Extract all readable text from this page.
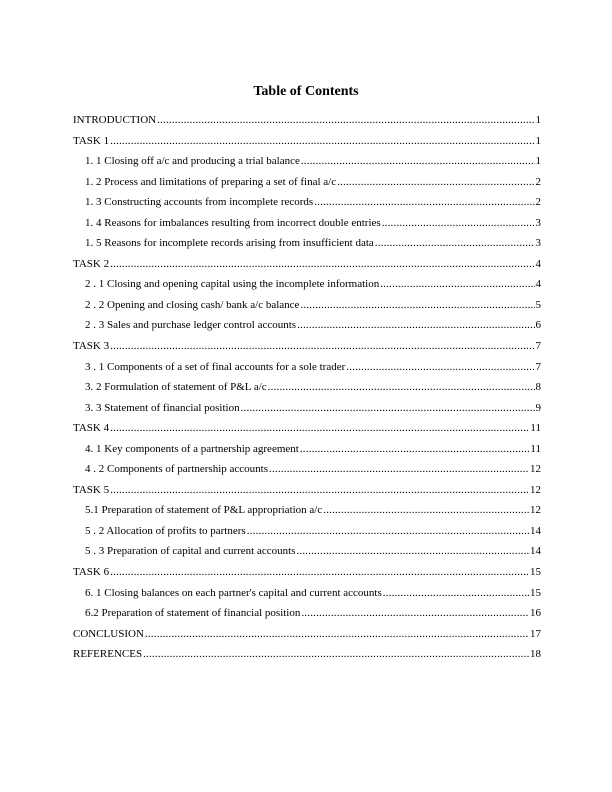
Table of Contents
INTRODUCTION .....	1
TASK 1 .....	1
1. 1 Closing off a/c and producing a trial balance .....	1
1. 2 Process and limitations of preparing a set of final a/c .....	2
1. 3 Constructing accounts from incomplete records .....	2
1. 4 Reasons for imbalances resulting from incorrect double entries .....	3
1. 5 Reasons for incomplete records arising from insufficient data .....	3
TASK 2 .....	4
2 . 1 Closing and opening capital using the incomplete information .....	4
2 . 2 Opening and closing cash/ bank a/c balance .....	5
2 . 3 Sales and purchase ledger control accounts .....	6
TASK 3 .....	7
3 . 1 Components of a set of final accounts for a sole trader .....	7
3. 2 Formulation of statement of P&L a/c .....	8
3. 3 Statement of financial position .....	9
TASK 4 .....	11
4. 1 Key components of a partnership agreement .....	11
4 . 2 Components of partnership accounts .....	12
TASK 5 .....	12
5.1 Preparation of statement of P&L appropriation a/c .....	12
5 . 2 Allocation of profits to partners .....	14
5 . 3 Preparation of capital and current accounts .....	14
TASK 6 .....	15
6. 1 Closing balances on each partner's capital and current accounts .....	15
6.2 Preparation of statement of financial position .....	16
CONCLUSION .....	17
REFERENCES .....	18
